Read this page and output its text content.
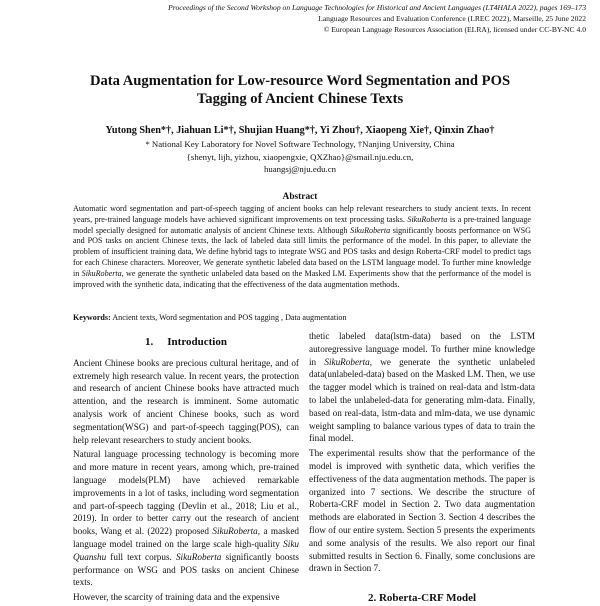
Proceedings of the Second Workshop on Language Technologies for Historical and Ancient Languages (LT4HALA 2022), pages 169–173
Language Resources and Evaluation Conference (LREC 2022), Marseille, 25 June 2022
© European Language Resources Association (ELRA), licensed under CC-BY-NC 4.0
Data Augmentation for Low-resource Word Segmentation and POS
Tagging of Ancient Chinese Texts
Yutong Shen*†, Jiahuan Li*†, Shujian Huang*†, Yi Zhou†, Xiaopeng Xie†, Qinxin Zhao†
* National Key Laboratory for Novel Software Technology, †Nanjing University, China
{shenyt, lijh, yizhou, xiaopengxie, QXZhao}@smail.nju.edu.cn,
huangsj@nju.edu.cn
Abstract
Automatic word segmentation and part-of-speech tagging of ancient books can help relevant researchers to study ancient texts. In recent years, pre-trained language models have achieved significant improvements on text processing tasks. SikuRoberta is a pre-trained language model specially designed for automatic analysis of ancient Chinese texts. Although SikuRoberta significantly boosts performance on WSG and POS tasks on ancient Chinese texts, the lack of labeled data still limits the performance of the model. In this paper, to alleviate the problem of insufficient training data, We define hybrid tags to integrate WSG and POS tasks and design Roberta-CRF model to predict tags for each Chinese characters. Moreover, We generate synthetic labeled data based on the LSTM language model. To further mine knowledge in SikuRoberta, we generate the synthetic unlabeled data based on the Masked LM. Experiments show that the performance of the model is improved with the synthetic data, indicating that the effectiveness of the data augmentation methods.
Keywords: Ancient texts, Word segmentation and POS tagging , Data augmentation
1. Introduction

Ancient Chinese books are precious cultural heritage, and of extremely high research value. In recent years, the protection and research of ancient Chinese books have attracted much attention, and the research is imminent. Some automatic analysis work of ancient Chinese books, such as word segmentation(WSG) and part-of-speech tagging(POS), can help relevant researchers to study ancient books.

Natural language processing technology is becoming more and more mature in recent years, among which, pre-trained language models(PLM) have achieved remarkable improvements in a lot of tasks, including word segmentation and part-of-speech tagging (Devlin et al., 2018; Liu et al., 2019). In order to better carry out the research of ancient books, Wang et al. (2022) proposed SikuRoberta, a masked language model trained on the large scale high-quality Siku Quanshu full text corpus. SikuRoberta significantly boosts performance on WSG and POS tasks on ancient Chinese texts.

However, the scarcity of training data and the expensive

thetic labeled data(lstm-data) based on the LSTM autoregressive language model. To further mine knowledge in SikuRoberta, we generate the synthetic unlabeled data(unlabeled-data) based on the Masked LM. Then, we use the tagger model which is trained on real-data and lstm-data to label the unlabeled-data for generating mlm-data. Finally, based on real-data, lstm-data and mlm-data, we use dynamic weight sampling to balance various types of data to train the final model.

The experimental results show that the performance of the model is improved with synthetic data, which verifies the effectiveness of the data augmentation methods. The paper is organized into 7 sections. We describe the structure of Roberta-CRF model in Section 2. Two data augmentation methods are elaborated in Section 3. Section 4 describes the flow of our entire system. Section 5 presents the experiments and some analysis of the results. We also report our final submitted results in Section 6. Finally, some conclusions are drawn in Section 7.

2. Roberta-CRF Model
